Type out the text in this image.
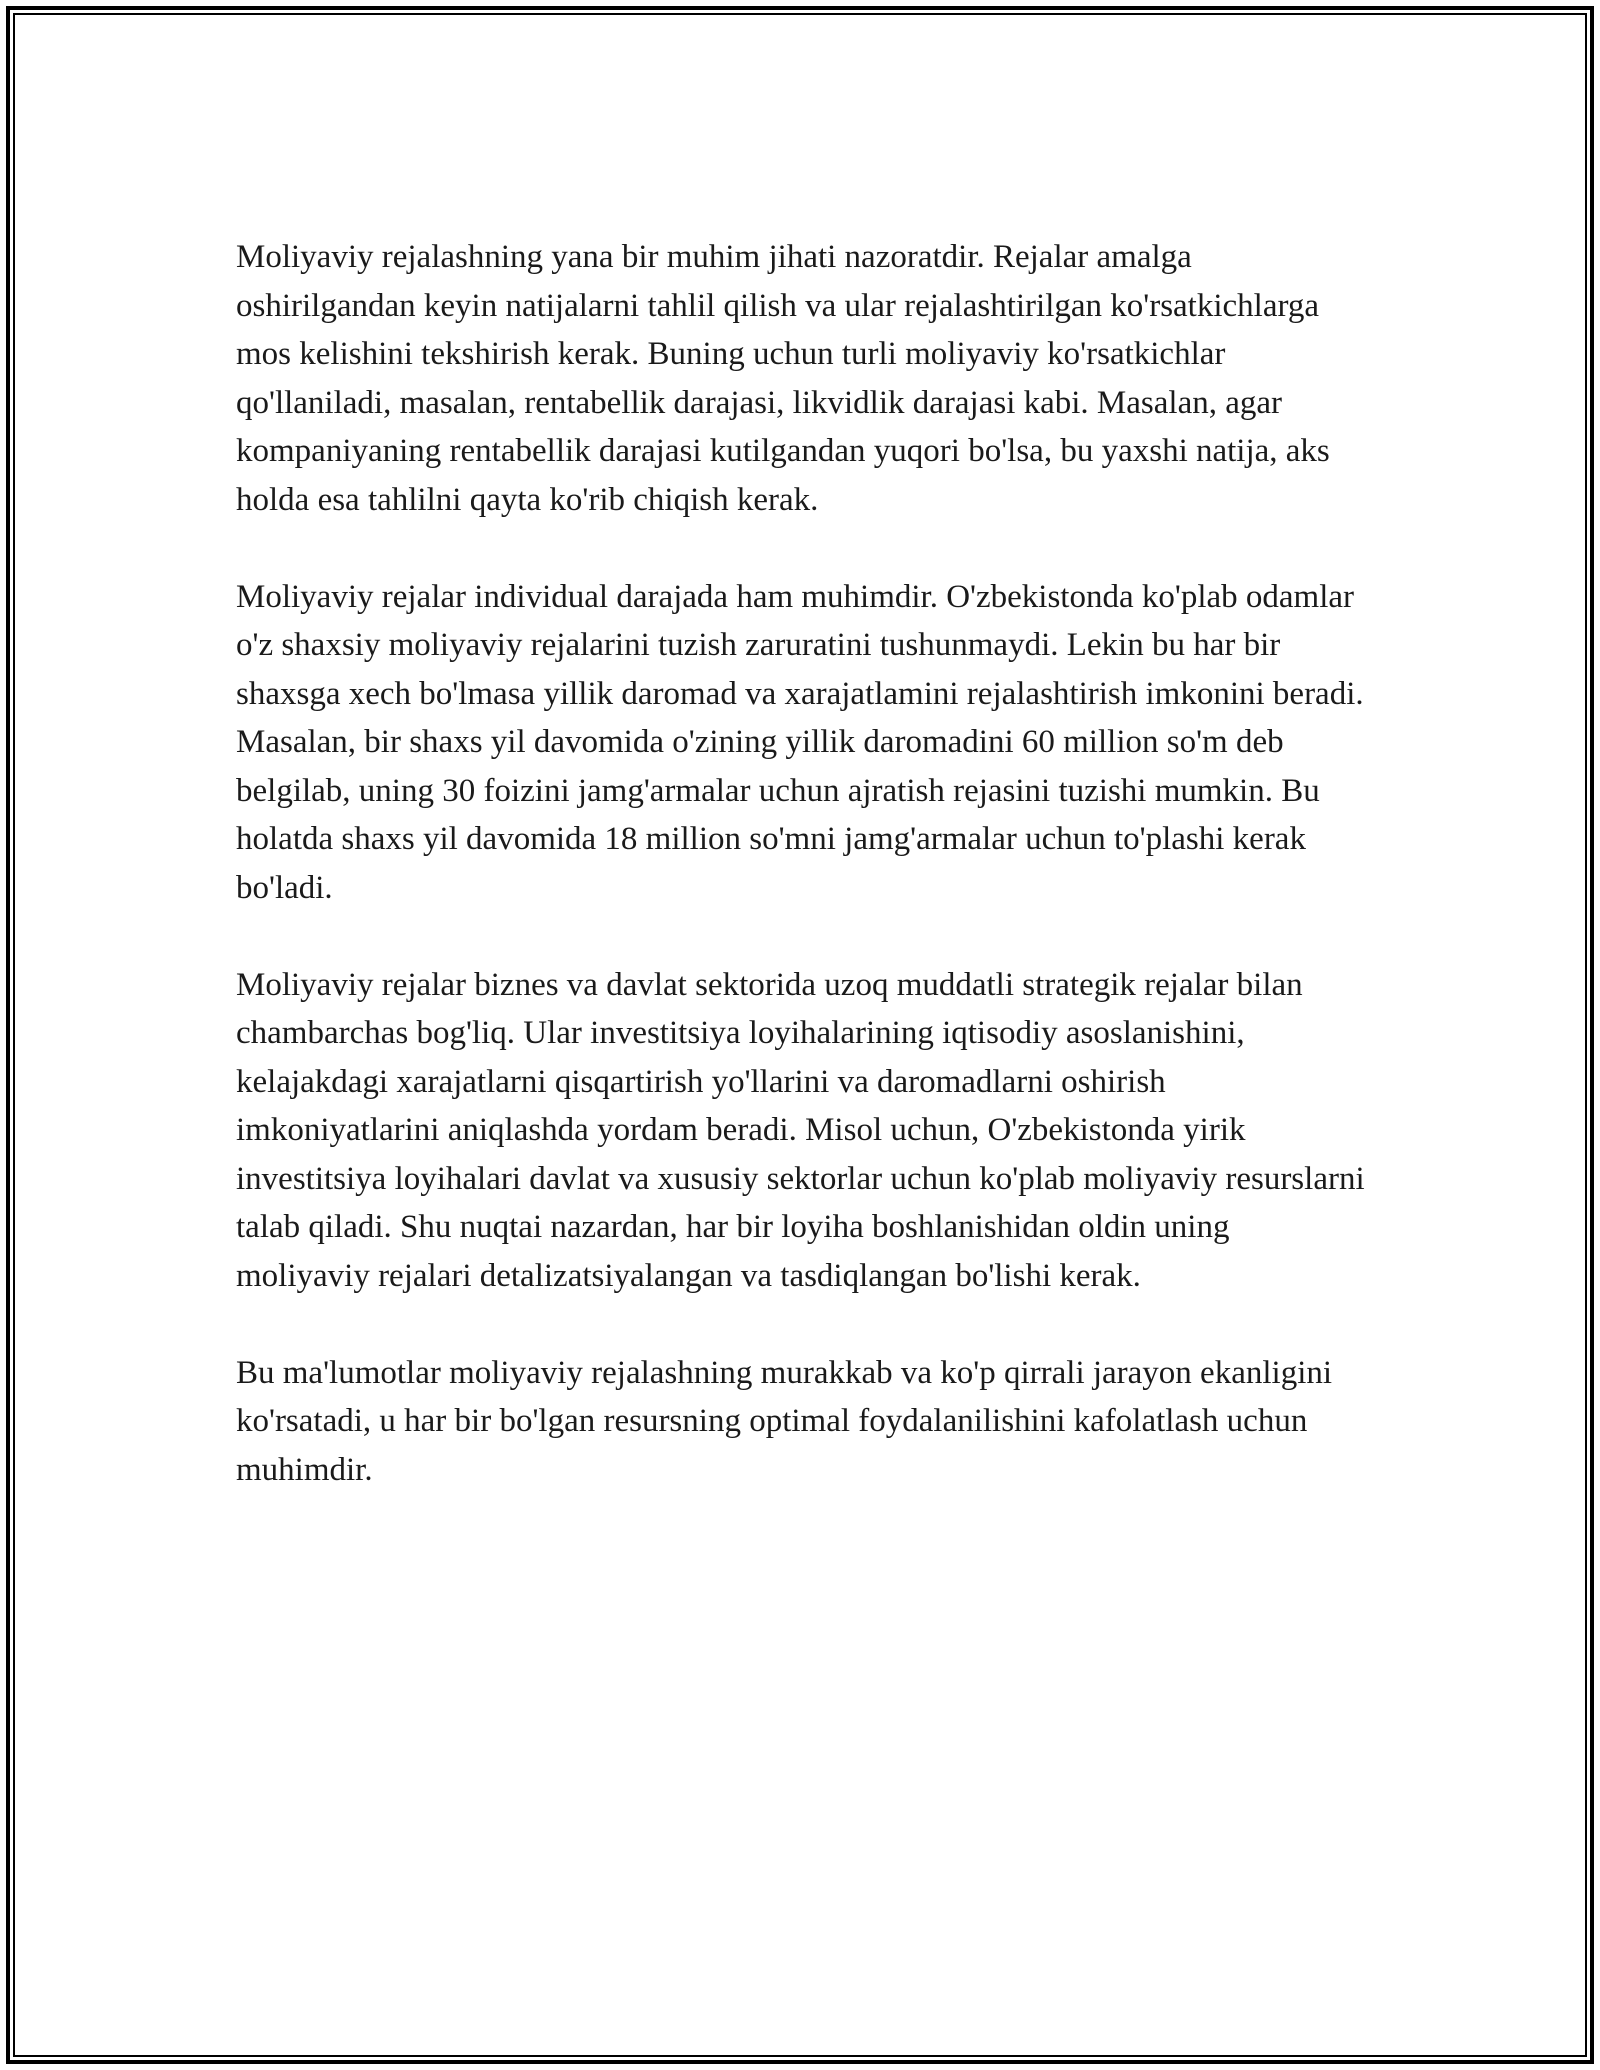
Moliyaviy rejalashning yana bir muhim jihati nazoratdir. Rejalar amalga oshirilgandan keyin natijalarni tahlil qilish va ular rejalashtirilgan ko'rsatkichlarga mos kelishini tekshirish kerak. Buning uchun turli moliyaviy ko'rsatkichlar qo'llaniladi, masalan, rentabellik darajasi, likvidlik darajasi kabi. Masalan, agar kompaniyaning rentabellik darajasi kutilgandan yuqori bo'lsa, bu yaxshi natija, aks holda esa tahlilni qayta ko'rib chiqish kerak.

Moliyaviy rejalar individual darajada ham muhimdir. O'zbekistonda ko'plab odamlar o'z shaxsiy moliyaviy rejalarini tuzish zaruratini tushunmaydi. Lekin bu har bir shaxsga xech bo'lmasa yillik daromad va xarajatlamini rejalashtirish imkonini beradi. Masalan, bir shaxs yil davomida o'zining yillik daromadini 60 million so'm deb belgilab, uning 30 foizini jamg'armalar uchun ajratish rejasini tuzishi mumkin. Bu holatda shaxs yil davomida 18 million so'mni jamg'armalar uchun to'plashi kerak bo'ladi.

Moliyaviy rejalar biznes va davlat sektorida uzoq muddatli strategik rejalar bilan chambarchas bog'liq. Ular investitsiya loyihalarining iqtisodiy asoslanishini, kelajakdagi xarajatlarni qisqartirish yo'llarini va daromadlarni oshirish imkoniyatlarini aniqlashda yordam beradi. Misol uchun, O'zbekistonda yirik investitsiya loyihalari davlat va xususiy sektorlar uchun ko'plab moliyaviy resurslarni talab qiladi. Shu nuqtai nazardan, har bir loyiha boshlanishidan oldin uning moliyaviy rejalari detalizatsiyalangan va tasdiqlangan bo'lishi kerak.

Bu ma'lumotlar moliyaviy rejalashning murakkab va ko'p qirrali jarayon ekanligini ko'rsatadi, u har bir bo'lgan resursning optimal foydalanilishini kafolatlash uchun muhimdir.
